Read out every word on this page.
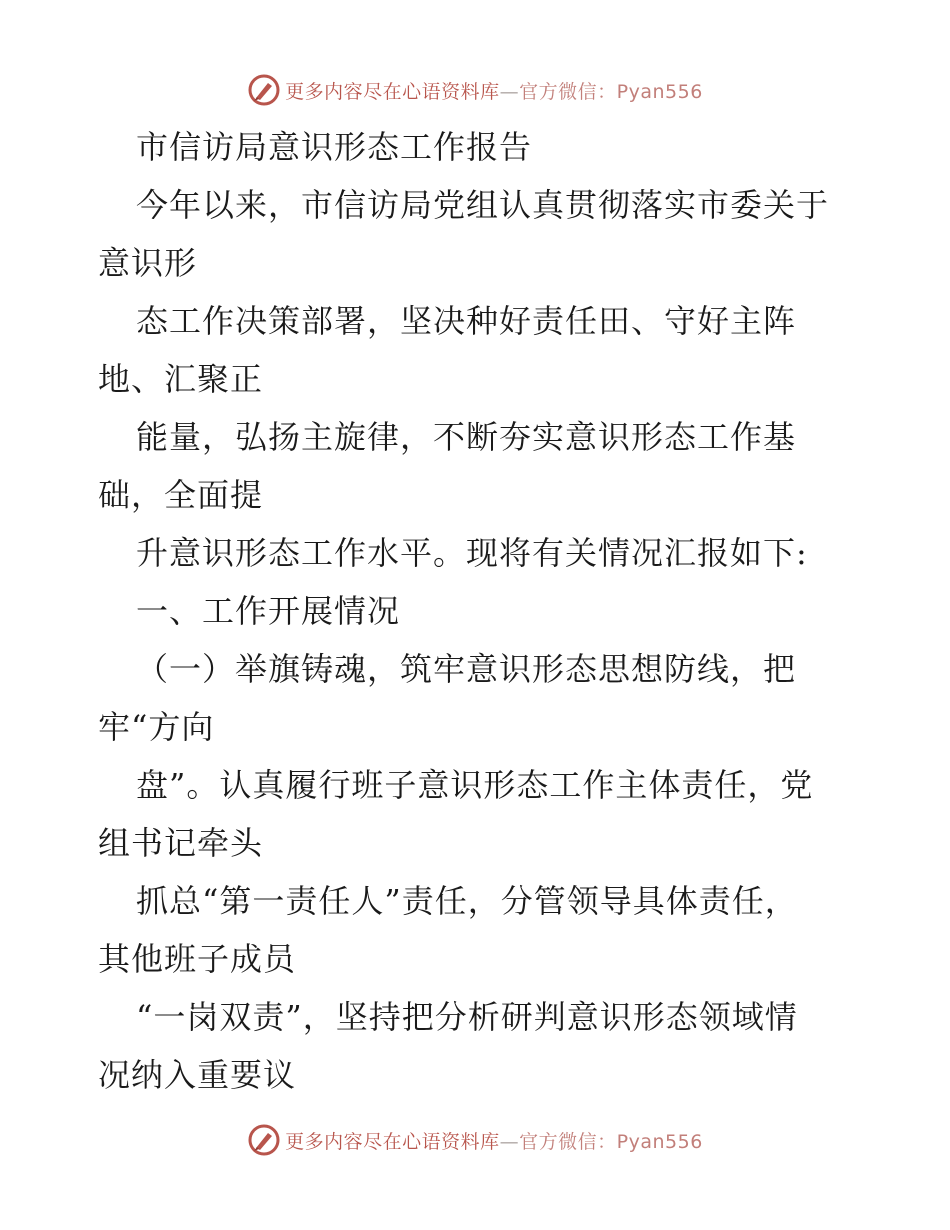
更多内容尽在心语资料库—官方微信：Pyan556
市信访局意识形态工作报告
今年以来，市信访局党组认真贯彻落实市委关于
意识形
态工作决策部署，坚决种好责任田、守好主阵
地、汇聚正
能量，弘扬主旋律，不断夯实意识形态工作基
础，全面提
升意识形态工作水平。现将有关情况汇报如下:
一、工作开展情况
（一）举旗铸魂，筑牢意识形态思想防线，把
牢“方向
盘”。认真履行班子意识形态工作主体责任，党
组书记牵头
抓总“第一责任人”责任，分管领导具体责任，
其他班子成员
“一岗双责”，坚持把分析研判意识形态领域情
况纳入重要议
更多内容尽在心语资料库—官方微信：Pyan556
